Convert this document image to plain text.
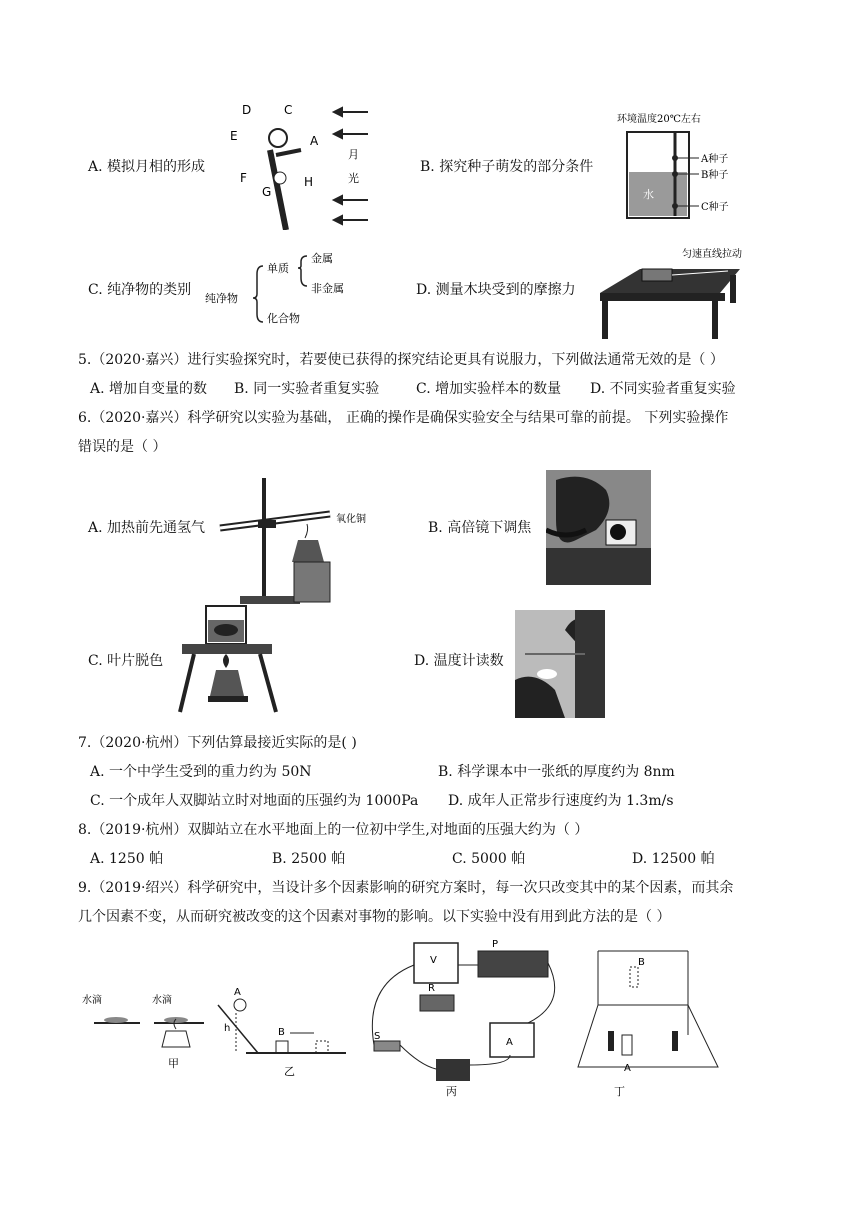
A. 模拟月相的形成
D	C
E	A
F
G
H
月
光
B. 探究种子萌发的部分条件
环境温度20℃左右
A种子
B种子
C种子
水
C. 纯净物的类别
纯净物
单质
化合物
金属
非金属	D. 测量木块受到的摩擦力
匀速直线拉动
5.（2020·嘉兴）进行实验探究时，若要使已获得的探究结论更具有说服力，下列做法通常无效的是（ ）
A. 增加自变量的数 B. 同一实验者重复实验	C. 增加实验样本的数量 D. 不同实验者重复实验
6.（2020·嘉兴）科学研究以实验为基础， 正确的操作是确保实验安全与结果可靠的前提。 下列实验操作
错误的是（ ）
A. 加热前先通氢气
氧化铜
B. 高倍镜下调焦
C. 叶片脱色	D. 温度计读数
7.（2020·杭州）下列估算最接近实际的是( )
A. 一个中学生受到的重力约为 50N	B. 科学课本中一张纸的厚度约为 8nm
C. 一个成年人双脚站立时对地面的压强约为 1000Pa D. 成年人正常步行速度约为 1.3m/s
8.（2019·杭州）双脚站立在水平地面上的一位初中学生,对地面的压强大约为（ ）
A. 1250 帕	B. 2500 帕	C. 5000 帕	D. 12500 帕
9.（2019·绍兴）科学研究中，当设计多个因素影响的研究方案时，每一次只改变其中的某个因素，而其余
几个因素不变，从而研究被改变的这个因素对事物的影响。以下实验中没有用到此方法的是（ ）
水滴	水滴
甲
A
h	B
乙
V
R
P
S
A
丙
B
A
丁
